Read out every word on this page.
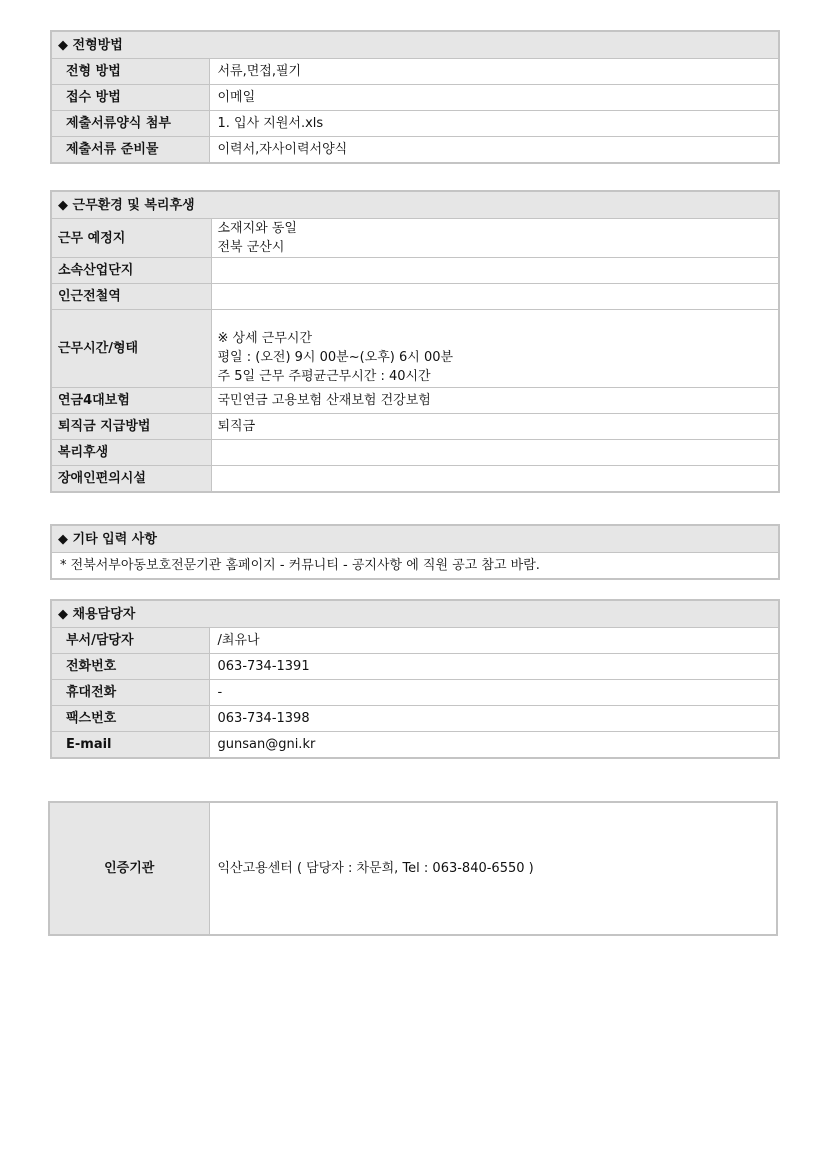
◆ 전형방법	
전형 방법	서류,면접,필기
접수 방법	이메일
제출서류양식 첨부	1. 입사 지원서.xls
제출서류 준비물	이력서,자사이력서양식
◆ 근무환경 및 복리후생	
근무 예정지	소재지와 동일
전북 군산시

소속산업단지	
인근전철역	
근무시간/형태	※ 상세 근무시간
평일 : (오전) 9시 00분~(오후) 6시 00분
주 5일 근무 주평균근무시간 : 40시간

연금4대보험	국민연금 고용보험 산재보험 건강보험
퇴직금 지급방법	퇴직금
복리후생	
장애인편의시설	
◆ 기타 입력 사항
* 전북서부아동보호전문기관 홈페이지 - 커뮤니티 - 공지사항 에 직원 공고 참고 바람.
◆ 채용담당자	
부서/담당자	/최유나
전화번호	063-734-1391
휴대전화	-
팩스번호	063-734-1398
E-mail	gunsan@gni.kr
인증기관	익산고용센터 ( 담당자 : 차문희, Tel : 063-840-6550 )
